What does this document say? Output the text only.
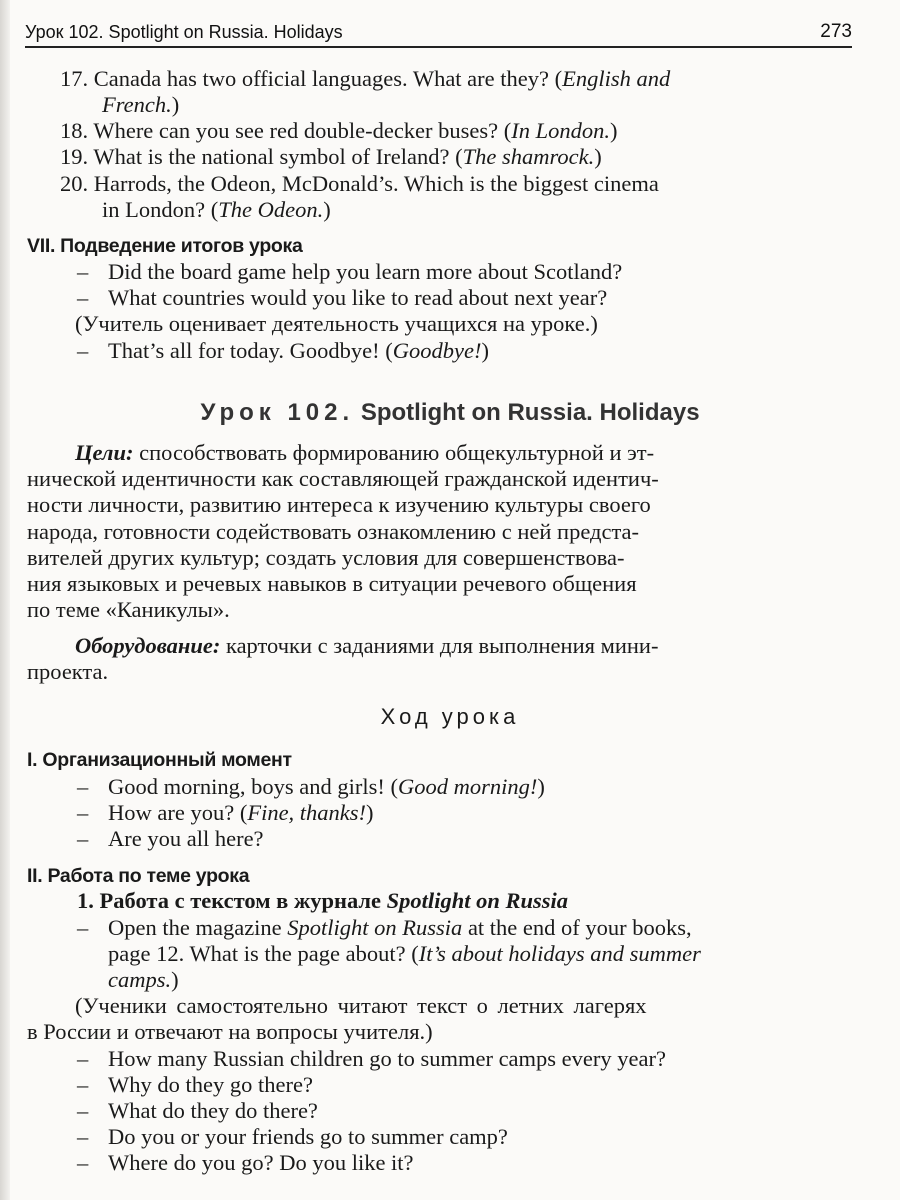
Урок 102. Spotlight on Russia. Holidays	273
17. Canada has two official languages. What are they? (English and
French.)
18. Where can you see red double-decker buses? (In London.)
19. What is the national symbol of Ireland? (The shamrock.)
20. Harrods, the Odeon, McDonald’s. Which is the biggest cinema
in London? (The Odeon.)
VII. Подведение итогов урока
– Did the board game help you learn more about Scotland?
– What countries would you like to read about next year?
(Учитель оценивает деятельность учащихся на уроке.)
– That’s all for today. Goodbye! (Goodbye!)
Урок 102. Spotlight on Russia. Holidays
Цели: способствовать формированию общекультурной и эт-
нической идентичности как составляющей гражданской идентич-
ности личности, развитию интереса к изучению культуры своего
народа, готовности содействовать ознакомлению с ней предста-
вителей других культур; создать условия для совершенствова-
ния языковых и речевых навыков в ситуации речевого общения
по теме «Каникулы».
Оборудование: карточки с заданиями для выполнения мини-
проекта.
Ход урока
I. Организационный момент
– Good morning, boys and girls! (Good morning!)
– How are you? (Fine, thanks!)
– Are you all here?
II. Работа по теме урока
1. Работа с текстом в журнале Spotlight on Russia
– Open the magazine Spotlight on Russia at the end of your books,
page 12. What is the page about? (It’s about holidays and summer
camps.)
(Ученики самостоятельно читают текст о летних лагерях
в России и отвечают на вопросы учителя.)
– How many Russian children go to summer camps every year?
– Why do they go there?
– What do they do there?
– Do you or your friends go to summer camp?
– Where do you go? Do you like it?
